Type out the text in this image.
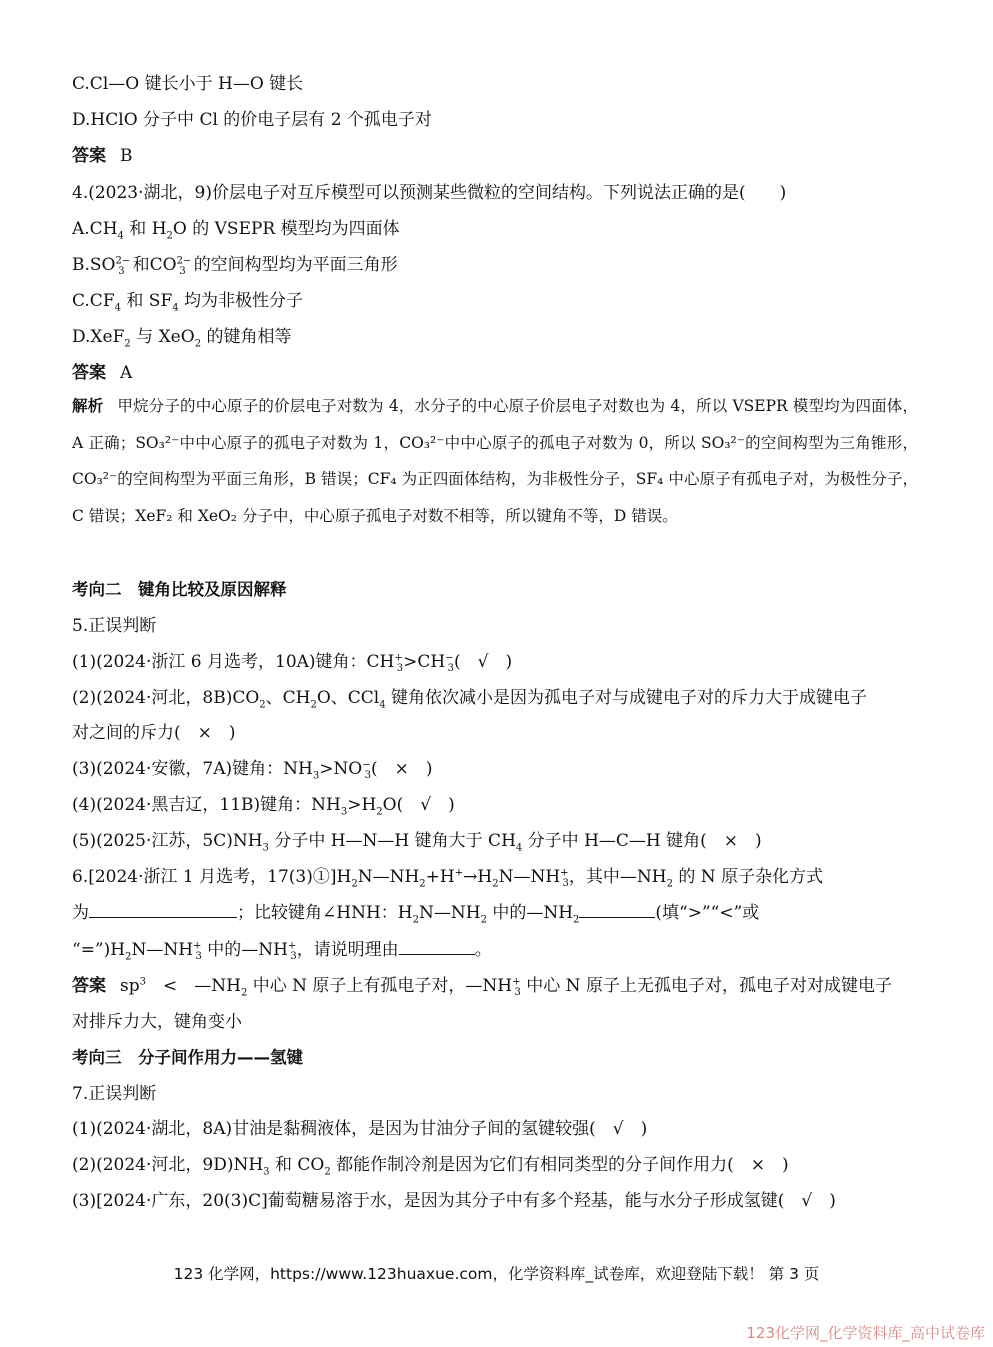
C.Cl—O 键长小于 H—O 键长
D.HClO 分子中 Cl 的价电子层有 2 个孤电子对
答案 B
4.(2023·湖北，9)价层电子对互斥模型可以预测某些微粒的空间结构。下列说法正确的是(　　)
$A.CH_4$ 和 $H_2O$ 的 VSEPR 模型均为四面体
$B.SO^{2-}_3$ 和$CO^{2-}_3$ 的空间构型均为平面三角形
$C.CF_4$ 和 $SF_4$ 均为非极性分子
D.XeF$_2$ 与 XeO$_2$ 的键角相等
答案 A
解析 甲烷分子的中心原子的价层电子对数为 4，水分子的中心原子价层电子对数也为 4，所以 VSEPR 模型均为四面体，A 正确；SO₃²⁻中中心原子的孤电子对数为 1，CO₃²⁻中中心原子的孤电子对数为 0，所以 SO₃²⁻的空间构型为三角锥形，CO₃²⁻的空间构型为平面三角形，B 错误；CF₄ 为正四面体结构，为非极性分子，SF₄ 中心原子有孤电子对，为极性分子，C 错误；XeF₂ 和 XeO₂ 分子中，中心原子孤电子对数不相等，所以键角不等，D 错误。
考向二　键角比较及原因解释
5.正误判断
(1)(2024·浙江 6 月选考，10A)键角：$CH^+_3>CH^-_3$(　√　)
(2)(2024·河北，$8B)CO_2$、$CH_2O$、CCl$_4$ 键角依次减小是因为孤电子对与成键电子对的斥力大于成键电子
对之间的斥力(　×　)
(3)(2024·安徽，7A)键角：$NH_3>NO^-_3$(　×　)
(4)(2024·黑吉辽，11B)键角：$NH_3>H_2O$(　√　)
(5)(2025·江苏，$5C)NH_3$ 分子中 H—N—H 键角大于 $CH_4$ 分子中 H—C—H 键角(　×　)
6.[2024·浙江 1 月选考，$17(3)①]H_2N—NH_2+H^+\to H_2N—NH^+_3$，其中$—NH_2$ 的 N 原子杂化方式
为	；比较键角∠HNH：$H_2N—NH_2$ 中的$—NH_2$	(填“>”“<”或
“$=”)H_2N—NH^+_3$ 中的$—NH^+_3$，请说明理由	。
答案 $sp^3$　<　$—NH_2$ 中心 N 原子上有孤电子对，$—NH^+_3$ 中心 N 原子上无孤电子对，孤电子对对成键电子
对排斥力大，键角变小
考向三　分子间作用力——氢键
7.正误判断
(1)(2024·湖北，8A)甘油是黏稠液体，是因为甘油分子间的氢键较强(　√　)
(2)(2024·河北，$9D)NH_3$ 和 $CO_2$ 都能作制冷剂是因为它们有相同类型的分子间作用力(　×　)
(3)[2024·广东，20(3)C]葡萄糖易溶于水，是因为其分子中有多个羟基，能与水分子形成氢键(　√　)
123 化学网，https://www.123huaxue.com，化学资料库_试卷库，欢迎登陆下载！ 第 3 页
123化学网_化学资料库_高中试卷库
